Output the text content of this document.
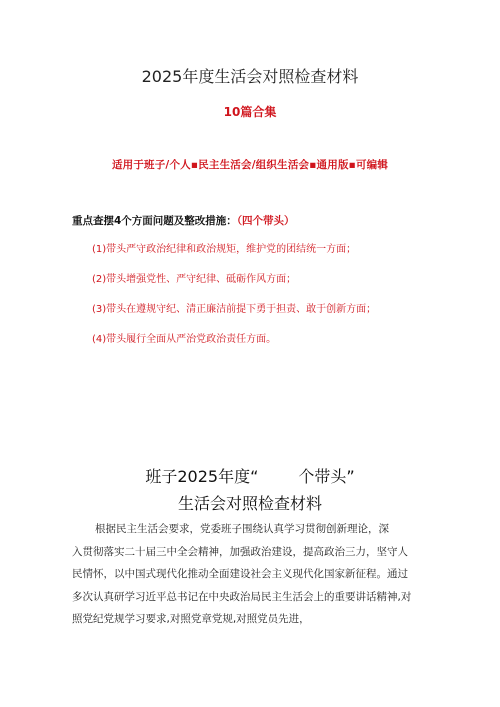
2025年度生活会对照检查材料
10篇合集
适用于班子/个人▪民主生活会/组织生活会▪通用版▪可编辑
重点查摆4个方面问题及整改措施：（四个带头）
(1)带头严守政治纪律和政治规矩，维护党的团结统一方面；
(2)带头增强党性、严守纪律、砥砺作风方面；
(3)带头在遵规守纪、清正廉洁前提下勇于担责、敢于创新方面；
(4)带头履行全面从严治党政治责任方面。
班子2025年度“	个带头”
生活会对照检查材料
根据民主生活会要求，党委班子围绕认真学习贯彻创新理论，深
入贯彻落实二十届三中全会精神，加强政治建设，提高政治三力，坚守人
民情怀，以中国式现代化推动全面建设社会主义现代化国家新征程。通过
多次认真研学习近平总书记在中央政治局民主生活会上的重要讲话精神,对
照党纪党规学习要求,对照党章党规,对照党员先进，
